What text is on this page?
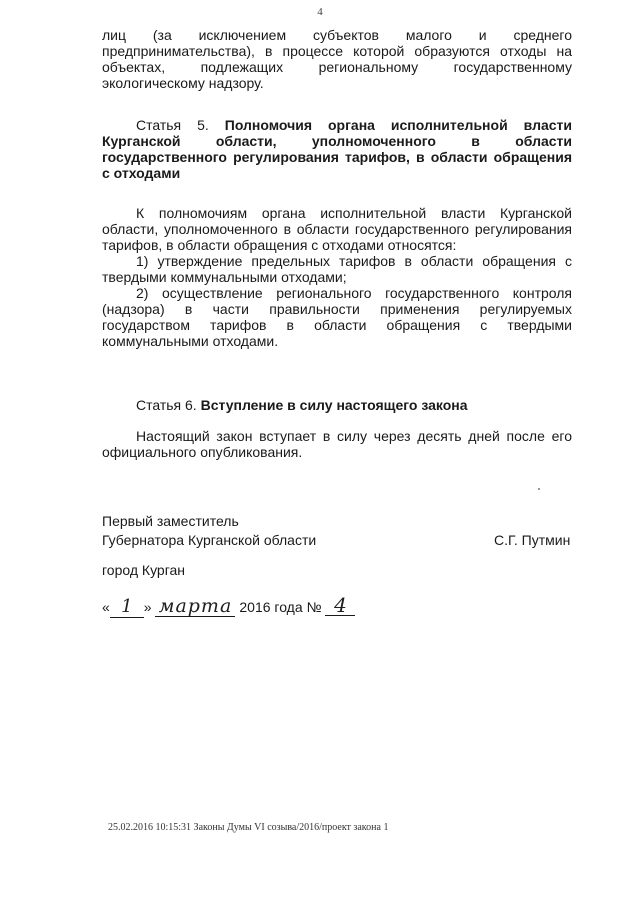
4

лиц (за исключением субъектов малого и среднего предпринимательства), в процессе которой образуются отходы на объектах, подлежащих региональному государственному экологическому надзору.

Статья 5. Полномочия органа исполнительной власти Курганской области, уполномоченного в области государственного регулирования тарифов, в области обращения с отходами

К полномочиям органа исполнительной власти Курганской области, уполномоченного в области государственного регулирования тарифов, в области обращения с отходами относятся:

1) утверждение предельных тарифов в области обращения с твердыми коммунальными отходами;

2) осуществление регионального государственного контроля (надзора) в части правильности применения регулируемых государством тарифов в области обращения с твердыми коммунальными отходами.

Статья 6. Вступление в силу настоящего закона

Настоящий закон вступает в силу через десять дней после его официального опубликования.

Первый заместитель
Губернатора Курганской области	С.Г. Путмин
город Курган
« 1 » марта 2016 года № 4
25.02.2016 10:15:31 Законы Думы VI созыва/2016/проект закона 1
